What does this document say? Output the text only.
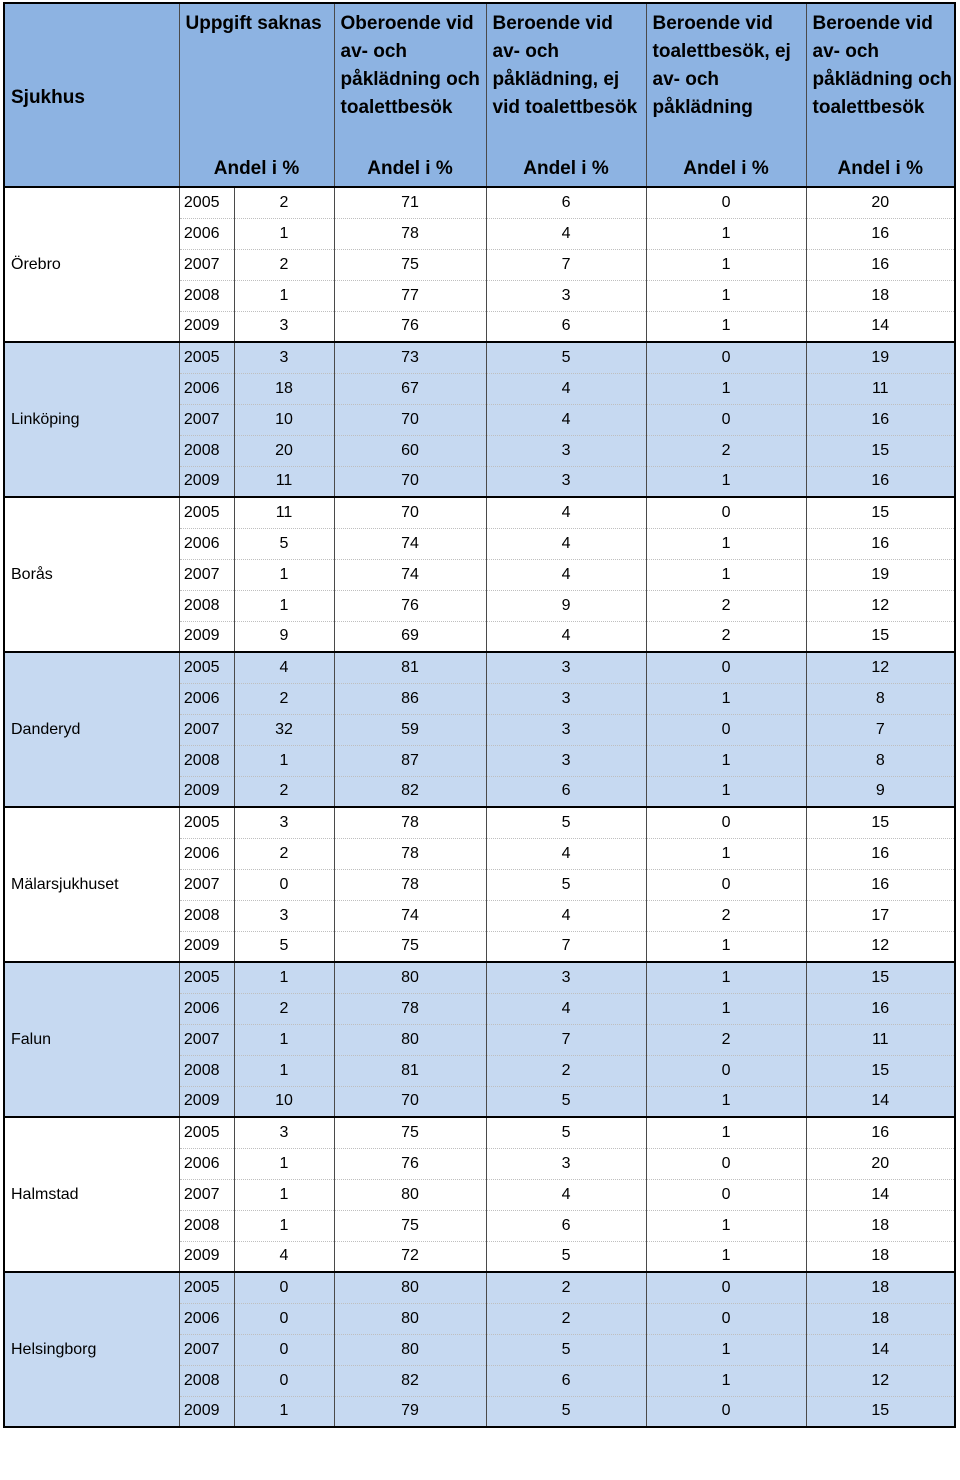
Sjukhus	Uppgift saknas		Oberoende vid av- och påklädning och toalettbesök	Beroende vid av- och påklädning, ej vid toalettbesök	Beroende vid toalettbesök, ej av- och påklädning	Beroende vid av- och påklädning och toalettbesök
	Andel i %		Andel i %	Andel i %	Andel i %	Andel i %
Örebro	2005	2	71	6	0	20
	2006	1	78	4	1	16
	2007	2	75	7	1	16
	2008	1	77	3	1	18
	2009	3	76	6	1	14
Linköping	2005	3	73	5	0	19
	2006	18	67	4	1	11
	2007	10	70	4	0	16
	2008	20	60	3	2	15
	2009	11	70	3	1	16
Borås	2005	11	70	4	0	15
	2006	5	74	4	1	16
	2007	1	74	4	1	19
	2008	1	76	9	2	12
	2009	9	69	4	2	15
Danderyd	2005	4	81	3	0	12
	2006	2	86	3	1	8
	2007	32	59	3	0	7
	2008	1	87	3	1	8
	2009	2	82	6	1	9
Mälarsjukhuset	2005	3	78	5	0	15
	2006	2	78	4	1	16
	2007	0	78	5	0	16
	2008	3	74	4	2	17
	2009	5	75	7	1	12
Falun	2005	1	80	3	1	15
	2006	2	78	4	1	16
	2007	1	80	7	2	11
	2008	1	81	2	0	15
	2009	10	70	5	1	14
Halmstad	2005	3	75	5	1	16
	2006	1	76	3	0	20
	2007	1	80	4	0	14
	2008	1	75	6	1	18
	2009	4	72	5	1	18
Helsingborg	2005	0	80	2	0	18
	2006	0	80	2	0	18
	2007	0	80	5	1	14
	2008	0	82	6	1	12
	2009	1	79	5	0	15
